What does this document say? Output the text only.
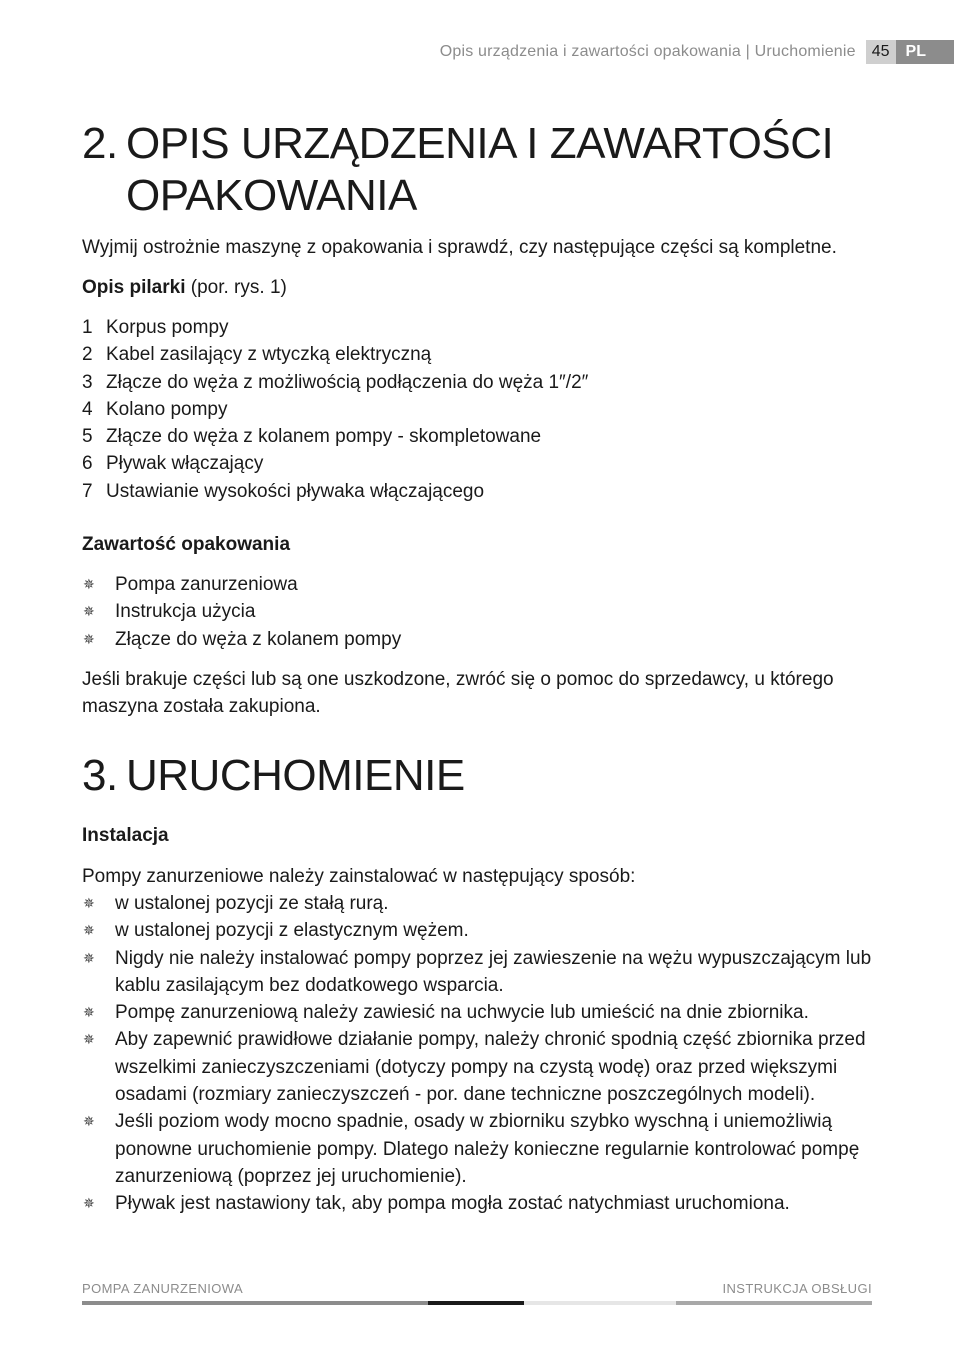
Opis urządzenia i zawartości opakowania | Uruchomienie	45	PL
2. OPIS URZĄDZENIA I ZAWARTOŚCI
OPAKOWANIA

Wyjmij ostrożnie maszynę z opakowania i sprawdź, czy następujące części są kompletne.

Opis pilarki (por. rys. 1)

1 Korpus pompy
2 Kabel zasilający z wtyczką elektryczną
3 Złącze do węża z możliwością podłączenia do węża 1″/2″
4 Kolano pompy
5 Złącze do węża z kolanem pompy - skompletowane
6 Pływak włączający
7 Ustawianie wysokości pływaka włączającego

Zawartość opakowania

✵	Pompa zanurzeniowa
✵	Instrukcja użycia
✵	Złącze do węża z kolanem pompy

Jeśli brakuje części lub są one uszkodzone, zwróć się o pomoc do sprzedawcy, u którego
maszyna została zakupiona.

3. URUCHOMIENIE

Instalacja

Pompy zanurzeniowe należy zainstalować w następujący sposób:

✵	w ustalonej pozycji ze stałą rurą.
✵	w ustalonej pozycji z elastycznym wężem.
✵	Nigdy nie należy instalować pompy poprzez jej zawieszenie na wężu wypuszczającym lub
kablu zasilającym bez dodatkowego wsparcia.
✵	Pompę zanurzeniową należy zawiesić na uchwycie lub umieścić na dnie zbiornika.
✵	Aby zapewnić prawidłowe działanie pompy, należy chronić spodnią część zbiornika przed
wszelkimi zanieczyszczeniami (dotyczy pompy na czystą wodę) oraz przed większymi
osadami (rozmiary zanieczyszczeń - por. dane techniczne poszczególnych modeli).
✵	Jeśli poziom wody mocno spadnie, osady w zbiorniku szybko wyschną i uniemożliwią
ponowne uruchomienie pompy. Dlatego należy konieczne regularnie kontrolować pompę
zanurzeniową (poprzez jej uruchomienie).
✵	Pływak jest nastawiony tak, aby pompa mogła zostać natychmiast uruchomiona.
POMPA ZANURZENIOWA	INSTRUKCJA OBSŁUGI
